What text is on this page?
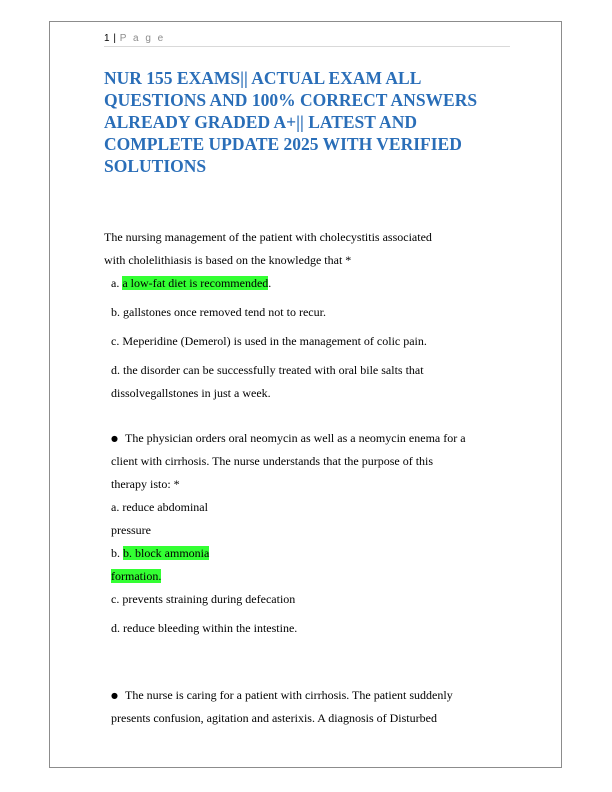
1 | P a g e
NUR 155 EXAMS|| ACTUAL EXAM ALL QUESTIONS AND 100% CORRECT ANSWERS ALREADY GRADED A+|| LATEST AND COMPLETE UPDATE 2025 WITH VERIFIED SOLUTIONS
The nursing management of the patient with cholecystitis associated
with cholelithiasis is based on the knowledge that *
a. a low-fat diet is recommended.
b. gallstones once removed tend not to recur.
c. Meperidine (Demerol) is used in the management of colic pain.
d. the disorder can be successfully treated with oral bile salts that
dissolvegallstones in just a week.
● The physician orders oral neomycin as well as a neomycin enema for a
client with cirrhosis. The nurse understands that the purpose of this
therapy isto: *
a. reduce abdominal
pressure
b. b. block ammonia
formation.
c. prevents straining during defecation
d. reduce bleeding within the intestine.
● The nurse is caring for a patient with cirrhosis. The patient suddenly
presents confusion, agitation and asterixis. A diagnosis of Disturbed
